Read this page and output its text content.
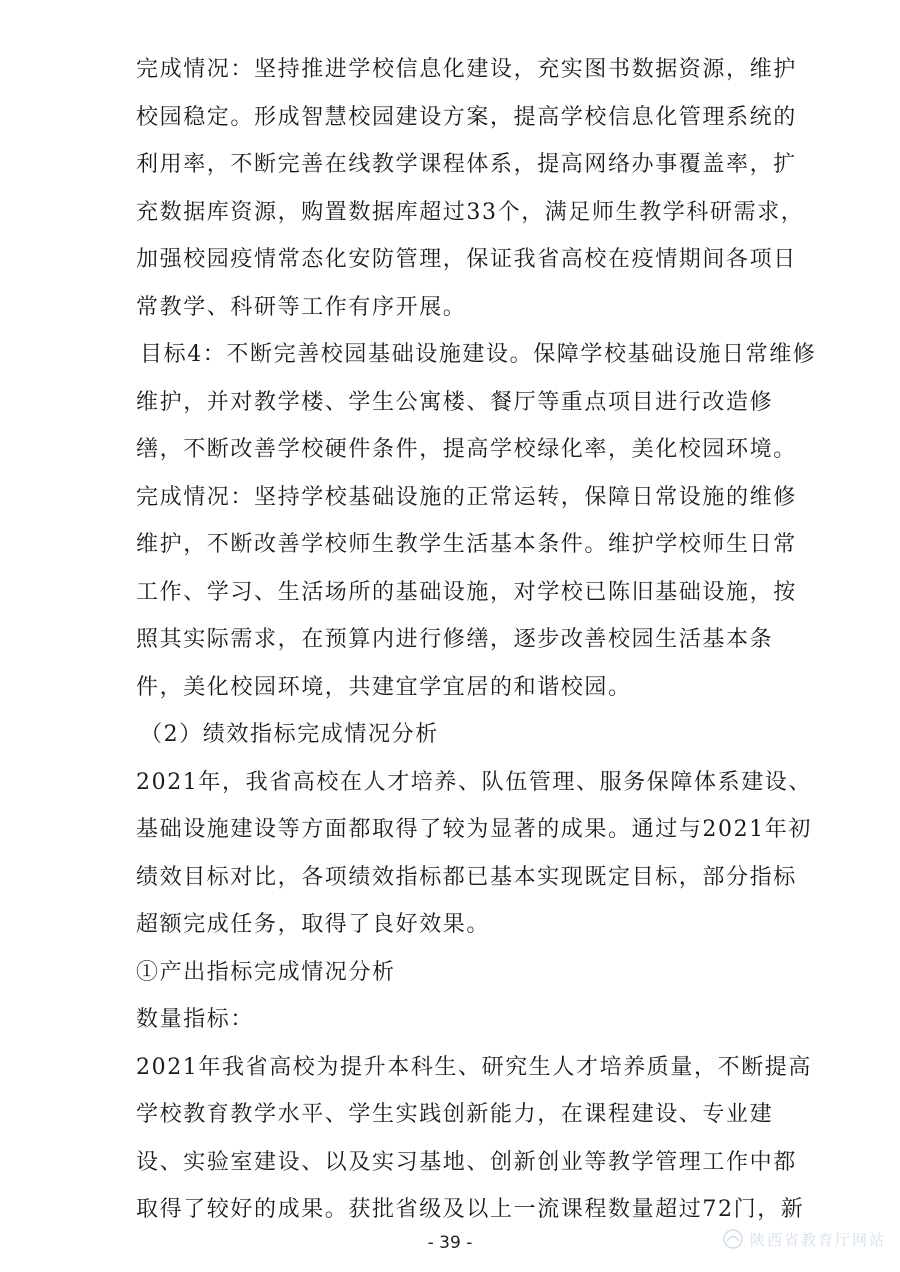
完成情况：坚持推进学校信息化建设，充实图书数据资源，维护
校园稳定。形成智慧校园建设方案，提高学校信息化管理系统的
利用率，不断完善在线教学课程体系，提高网络办事覆盖率，扩
充数据库资源，购置数据库超过33个，满足师生教学科研需求，
加强校园疫情常态化安防管理，保证我省高校在疫情期间各项日
常教学、科研等工作有序开展。
目标4：不断完善校园基础设施建设。保障学校基础设施日常维修
维护，并对教学楼、学生公寓楼、餐厅等重点项目进行改造修
缮，不断改善学校硬件条件，提高学校绿化率，美化校园环境。
完成情况：坚持学校基础设施的正常运转，保障日常设施的维修
维护，不断改善学校师生教学生活基本条件。维护学校师生日常
工作、学习、生活场所的基础设施，对学校已陈旧基础设施，按
照其实际需求，在预算内进行修缮，逐步改善校园生活基本条
件，美化校园环境，共建宜学宜居的和谐校园。
（2）绩效指标完成情况分析
2021年，我省高校在人才培养、队伍管理、服务保障体系建设、
基础设施建设等方面都取得了较为显著的成果。通过与2021年初
绩效目标对比，各项绩效指标都已基本实现既定目标，部分指标
超额完成任务，取得了良好效果。
①产出指标完成情况分析
数量指标：
2021年我省高校为提升本科生、研究生人才培养质量，不断提高
学校教育教学水平、学生实践创新能力，在课程建设、专业建
设、实验室建设、以及实习基地、创新创业等教学管理工作中都
- 39 -	陕西省教育厅网站
取得了较好的成果。获批省级及以上一流课程数量超过72门，新
